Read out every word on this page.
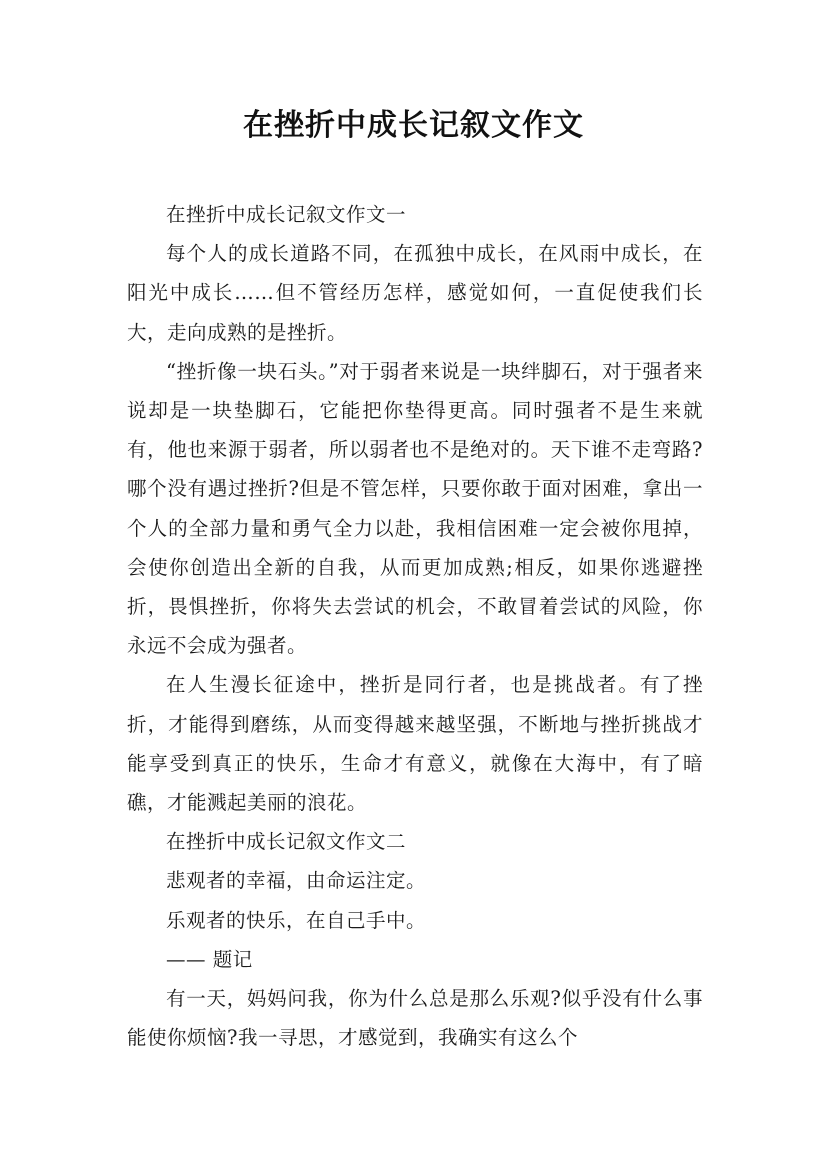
在挫折中成长记叙文作文

在挫折中成长记叙文作文一

每个人的成长道路不同，在孤独中成长，在风雨中成长，在阳光中成长……但不管经历怎样，感觉如何，一直促使我们长大，走向成熟的是挫折。

“挫折像一块石头。”对于弱者来说是一块绊脚石，对于强者来说却是一块垫脚石，它能把你垫得更高。同时强者不是生来就有，他也来源于弱者，所以弱者也不是绝对的。天下谁不走弯路?哪个没有遇过挫折?但是不管怎样，只要你敢于面对困难，拿出一个人的全部力量和勇气全力以赴，我相信困难一定会被你甩掉，会使你创造出全新的自我，从而更加成熟;相反，如果你逃避挫折，畏惧挫折，你将失去尝试的机会，不敢冒着尝试的风险，你永远不会成为强者。

在人生漫长征途中，挫折是同行者，也是挑战者。有了挫折，才能得到磨练，从而变得越来越坚强，不断地与挫折挑战才能享受到真正的快乐，生命才有意义，就像在大海中，有了暗礁，才能溅起美丽的浪花。

在挫折中成长记叙文作文二

悲观者的幸福，由命运注定。

乐观者的快乐，在自己手中。

—— 题记

有一天，妈妈问我，你为什么总是那么乐观?似乎没有什么事能使你烦恼?我一寻思，才感觉到，我确实有这么个
